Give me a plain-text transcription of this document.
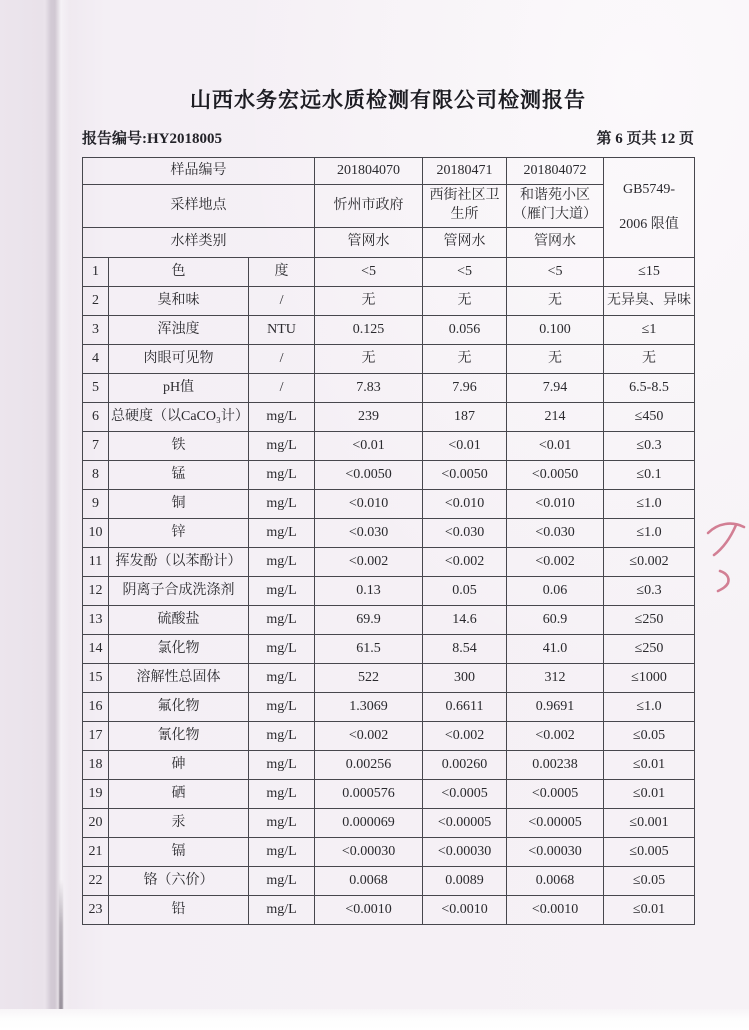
山西水务宏远水质检测有限公司检测报告
报告编号:HY2018005	第 6 页共 12 页
样品编号			201804070	20180471	201804072	GB5749-
2006 限值

采样地点			忻州市政府	西街社区卫生所	和谐苑小区（雁门大道）	
水样类别			管网水	管网水	管网水	
1	色	度	<5	<5	<5	≤15
2	臭和味	/	无	无	无	无异臭、异味
3	浑浊度	NTU	0.125	0.056	0.100	≤1
4	肉眼可见物	/	无	无	无	无
5	pH值	/	7.83	7.96	7.94	6.5-8.5
6	总硬度（以CaCO₃计）	mg/L	239	187	214	≤450
7	铁	mg/L	<0.01	<0.01	<0.01	≤0.3
8	锰	mg/L	<0.0050	<0.0050	<0.0050	≤0.1
9	铜	mg/L	<0.010	<0.010	<0.010	≤1.0
10	锌	mg/L	<0.030	<0.030	<0.030	≤1.0
11	挥发酚（以苯酚计）	mg/L	<0.002	<0.002	<0.002	≤0.002
12	阴离子合成洗涤剂	mg/L	0.13	0.05	0.06	≤0.3
13	硫酸盐	mg/L	69.9	14.6	60.9	≤250
14	氯化物	mg/L	61.5	8.54	41.0	≤250
15	溶解性总固体	mg/L	522	300	312	≤1000
16	氟化物	mg/L	1.3069	0.6611	0.9691	≤1.0
17	氰化物	mg/L	<0.002	<0.002	<0.002	≤0.05
18	砷	mg/L	0.00256	0.00260	0.00238	≤0.01
19	硒	mg/L	0.000576	<0.0005	<0.0005	≤0.01
20	汞	mg/L	0.000069	<0.00005	<0.00005	≤0.001
21	镉	mg/L	<0.00030	<0.00030	<0.00030	≤0.005
22	铬（六价）	mg/L	0.0068	0.0089	0.0068	≤0.05
23	铅	mg/L	<0.0010	<0.0010	<0.0010	≤0.01
